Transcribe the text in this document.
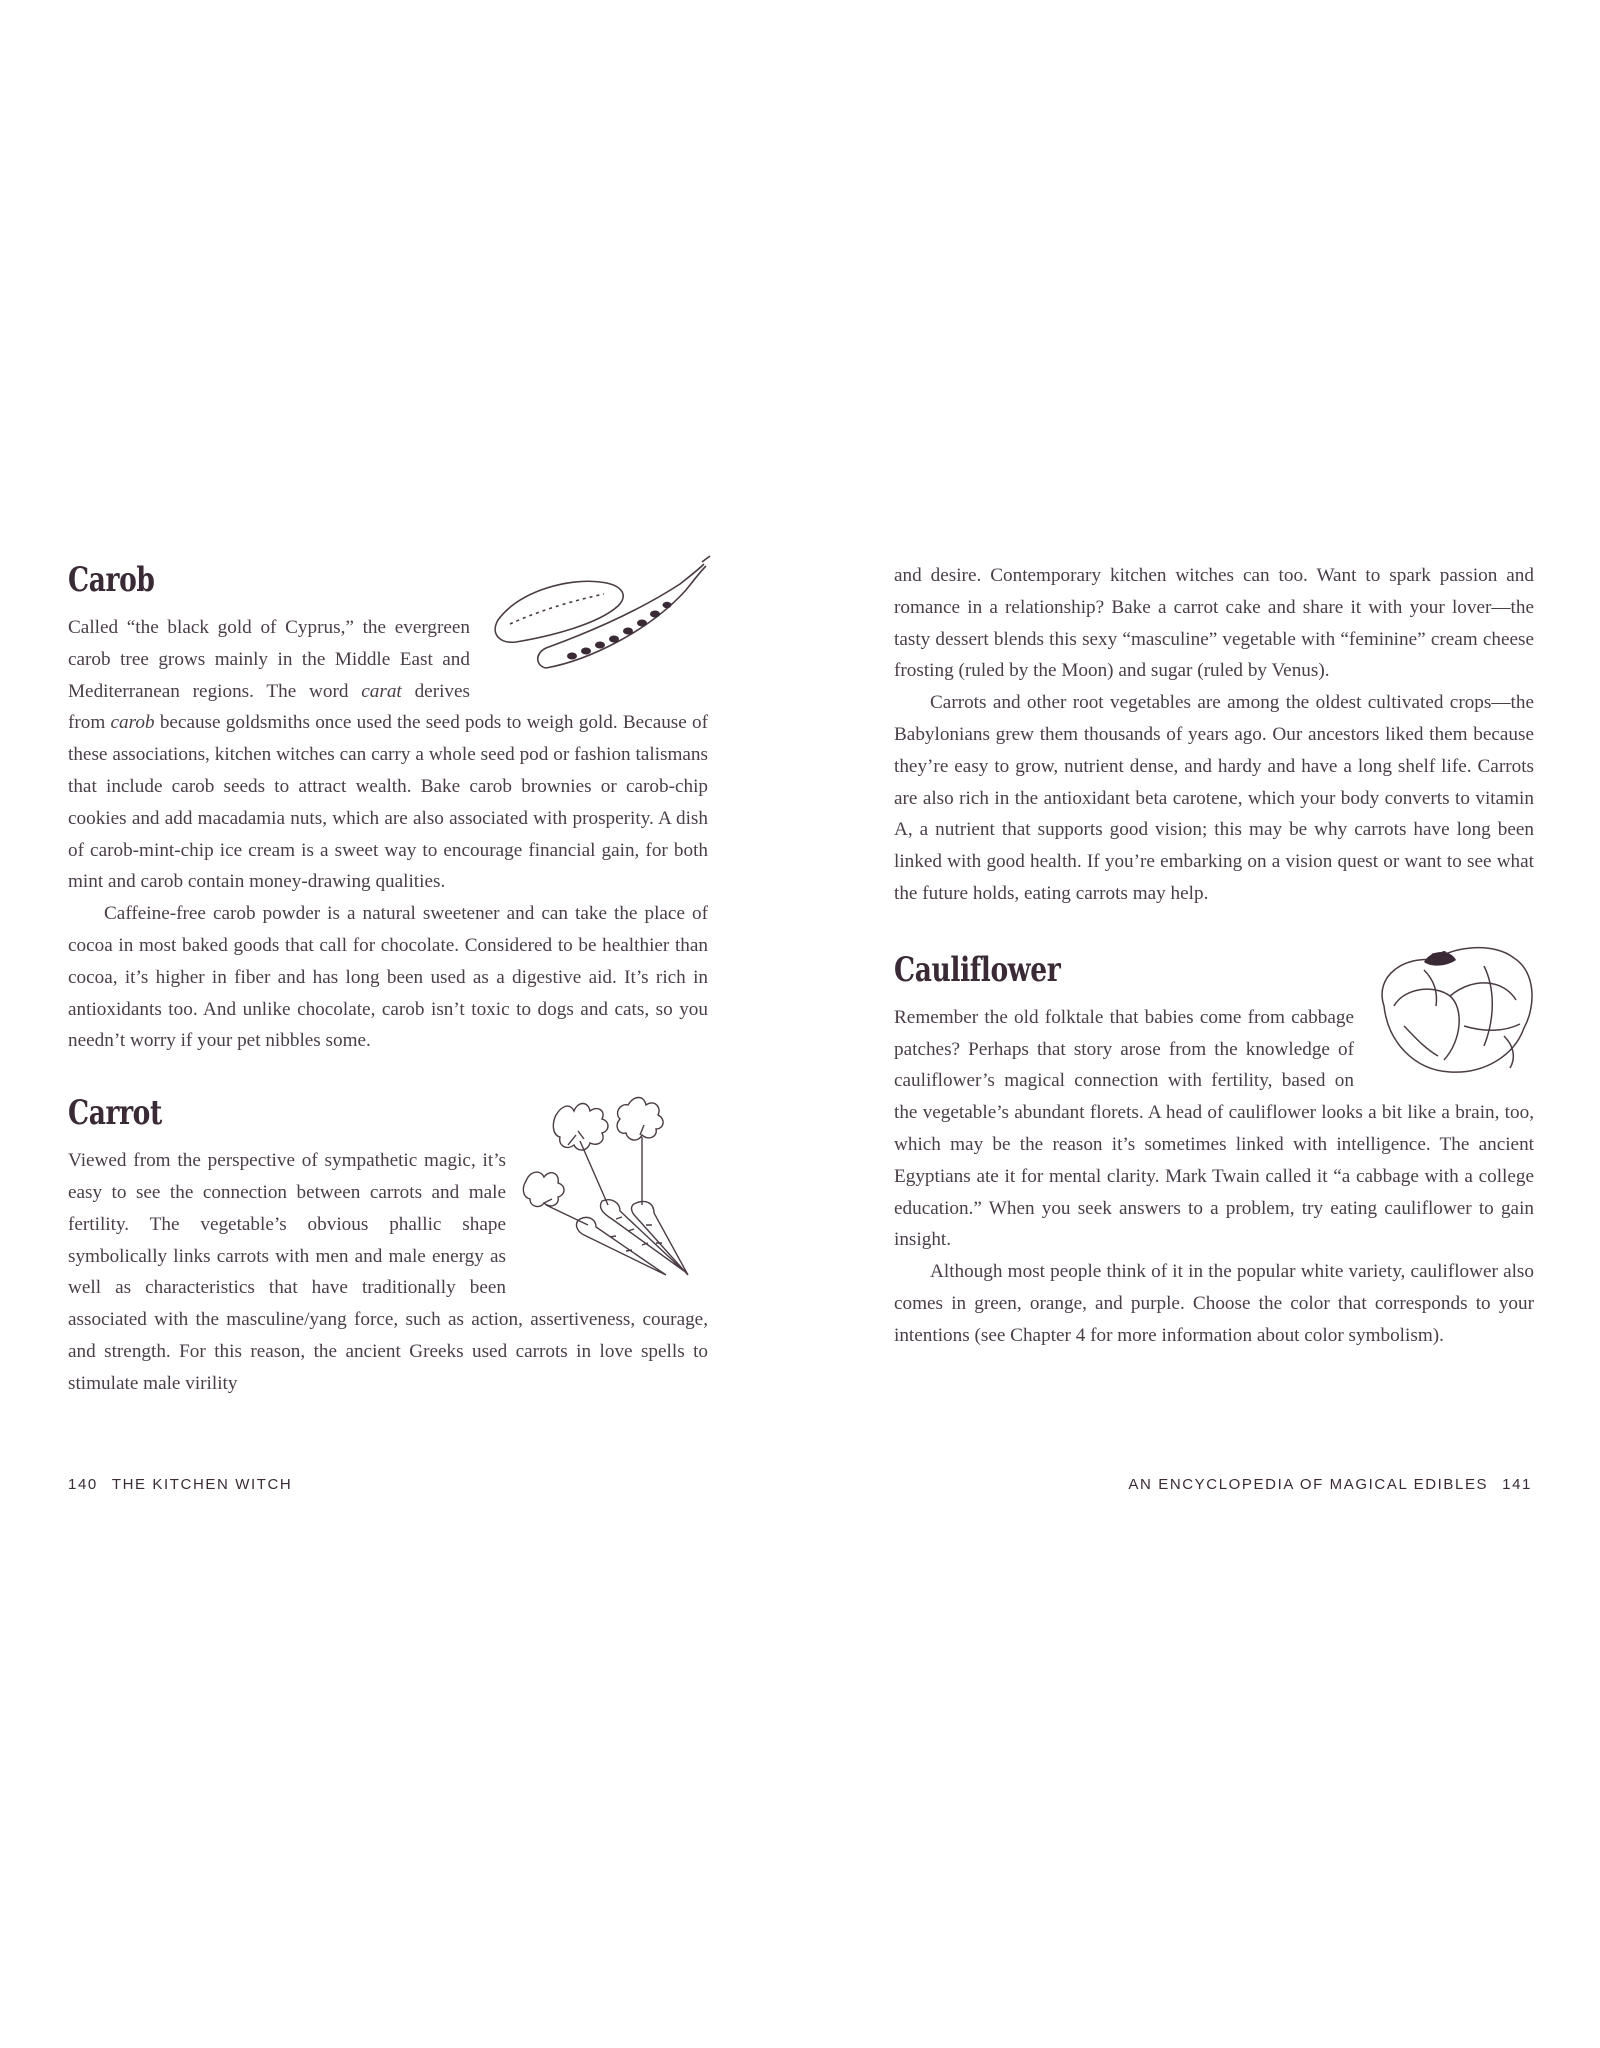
Carob

Called “the black gold of Cyprus,” the evergreen carob tree grows mainly in the Middle East and Mediterranean regions. The word carat derives from carob because goldsmiths once used the seed pods to weigh gold. Because of these associations, kitchen witches can carry a whole seed pod or fashion talismans that include carob seeds to attract wealth. Bake carob brownies or carob-chip cookies and add macadamia nuts, which are also associated with prosperity. A dish of carob-mint-chip ice cream is a sweet way to encourage financial gain, for both mint and carob contain money-drawing qualities.

Caffeine-free carob powder is a natural sweetener and can take the place of cocoa in most baked goods that call for chocolate. Considered to be healthier than cocoa, it’s higher in fiber and has long been used as a digestive aid. It’s rich in antioxidants too. And unlike chocolate, carob isn’t toxic to dogs and cats, so you needn’t worry if your pet nibbles some.

Carrot

Viewed from the perspective of sympathetic magic, it’s easy to see the connection between carrots and male fertility. The vegetable’s obvious phallic shape symbolically links carrots with men and male energy as well as characteristics that have traditionally been associated with the masculine/yang force, such as action, assertiveness, courage, and strength. For this reason, the ancient Greeks used carrots in love spells to stimulate male virility

140 THE KITCHEN WITCH

and desire. Contemporary kitchen witches can too. Want to spark passion and romance in a relationship? Bake a carrot cake and share it with your lover—the tasty dessert blends this sexy “masculine” vegetable with “feminine” cream cheese frosting (ruled by the Moon) and sugar (ruled by Venus).

Carrots and other root vegetables are among the oldest cultivated crops—the Babylonians grew them thousands of years ago. Our ancestors liked them because they’re easy to grow, nutrient dense, and hardy and have a long shelf life. Carrots are also rich in the antioxidant beta carotene, which your body converts to vitamin A, a nutrient that supports good vision; this may be why carrots have long been linked with good health. If you’re embarking on a vision quest or want to see what the future holds, eating carrots may help.

Cauliflower

Remember the old folktale that babies come from cabbage patches? Perhaps that story arose from the knowledge of cauliflower’s magical connection with fertility, based on the vegetable’s abundant florets. A head of cauliflower looks a bit like a brain, too, which may be the reason it’s sometimes linked with intelligence. The ancient Egyptians ate it for mental clarity. Mark Twain called it “a cabbage with a college education.” When you seek answers to a problem, try eating cauliflower to gain insight.

Although most people think of it in the popular white variety, cauliflower also comes in green, orange, and purple. Choose the color that corresponds to your intentions (see Chapter 4 for more information about color symbolism).

AN ENCYCLOPEDIA OF MAGICAL EDIBLES 141
